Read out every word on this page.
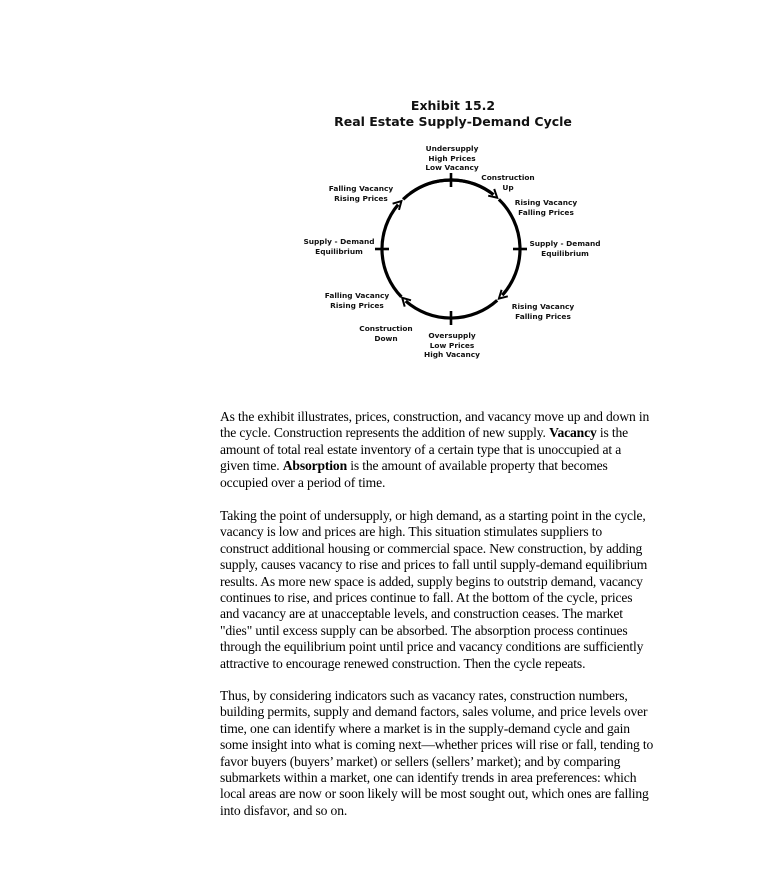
Exhibit 15.2
Real Estate Supply-Demand Cycle
Undersupply
High Prices
Low Vacancy
Construction
Up
Rising Vacancy
Falling Prices
Supply - Demand
Equilibrium
Rising Vacancy
Falling Prices
Oversupply
Low Prices
High Vacancy
Construction
Down
Falling Vacancy
Rising Prices
Supply - Demand
Equilibrium
Falling Vacancy
Rising Prices
As the exhibit illustrates, prices, construction, and vacancy move up and down in
the cycle. Construction represents the addition of new supply. Vacancy is the
amount of total real estate inventory of a certain type that is unoccupied at a
given time. Absorption is the amount of available property that becomes
occupied over a period of time.
Taking the point of undersupply, or high demand, as a starting point in the cycle,
vacancy is low and prices are high. This situation stimulates suppliers to
construct additional housing or commercial space. New construction, by adding
supply, causes vacancy to rise and prices to fall until supply-demand equilibrium
results. As more new space is added, supply begins to outstrip demand, vacancy
continues to rise, and prices continue to fall. At the bottom of the cycle, prices
and vacancy are at unacceptable levels, and construction ceases. The market
"dies" until excess supply can be absorbed. The absorption process continues
through the equilibrium point until price and vacancy conditions are sufficiently
attractive to encourage renewed construction. Then the cycle repeats.
Thus, by considering indicators such as vacancy rates, construction numbers,
building permits, supply and demand factors, sales volume, and price levels over
time, one can identify where a market is in the supply-demand cycle and gain
some insight into what is coming next—whether prices will rise or fall, tending to
favor buyers (buyers’ market) or sellers (sellers’ market); and by comparing
submarkets within a market, one can identify trends in area preferences: which
local areas are now or soon likely will be most sought out, which ones are falling
into disfavor, and so on.
